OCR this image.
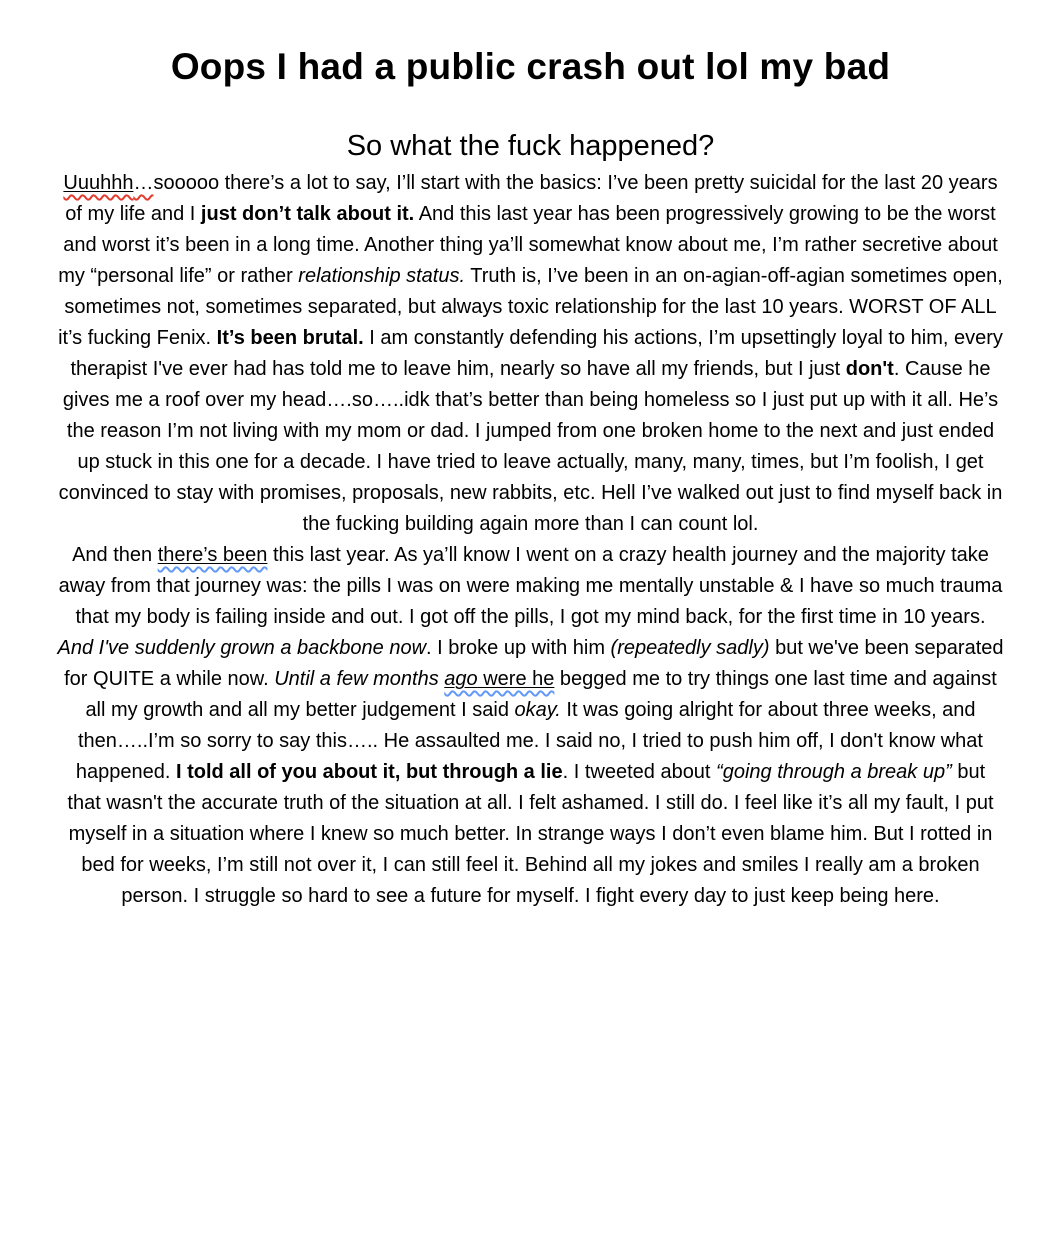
Oops I had a public crash out lol my bad
So what the fuck happened?
Uuuhhh…sooooo there’s a lot to say, I’ll start with the basics: I’ve been pretty suicidal for the last 20 years of my life and I just don’t talk about it. And this last year has been progressively growing to be the worst and worst it’s been in a long time. Another thing ya’ll somewhat know about me, I’m rather secretive about my “personal life” or rather relationship status. Truth is, I’ve been in an on-agian-off-agian sometimes open, sometimes not, sometimes separated, but always toxic relationship for the last 10 years. WORST OF ALL it’s fucking Fenix. It’s been brutal. I am constantly defending his actions, I’m upsettingly loyal to him, every therapist I've ever had has told me to leave him, nearly so have all my friends, but I just don't. Cause he gives me a roof over my head….so…..idk that’s better than being homeless so I just put up with it all. He’s the reason I’m not living with my mom or dad. I jumped from one broken home to the next and just ended up stuck in this one for a decade. I have tried to leave actually, many, many, times, but I’m foolish, I get convinced to stay with promises, proposals, new rabbits, etc. Hell I’ve walked out just to find myself back in the fucking building again more than I can count lol.
And then there’s been this last year. As ya’ll know I went on a crazy health journey and the majority take away from that journey was: the pills I was on were making me mentally unstable & I have so much trauma that my body is failing inside and out. I got off the pills, I got my mind back, for the first time in 10 years. And I've suddenly grown a backbone now. I broke up with him (repeatedly sadly) but we've been separated for QUITE a while now. Until a few months ago were he begged me to try things one last time and against all my growth and all my better judgement I said okay. It was going alright for about three weeks, and then…..I’m so sorry to say this….. He assaulted me. I said no, I tried to push him off, I don't know what happened. I told all of you about it, but through a lie. I tweeted about “going through a break up” but that wasn't the accurate truth of the situation at all. I felt ashamed. I still do. I feel like it’s all my fault, I put myself in a situation where I knew so much better. In strange ways I don’t even blame him. But I rotted in bed for weeks, I’m still not over it, I can still feel it. Behind all my jokes and smiles I really am a broken person. I struggle so hard to see a future for myself. I fight every day to just keep being here.
